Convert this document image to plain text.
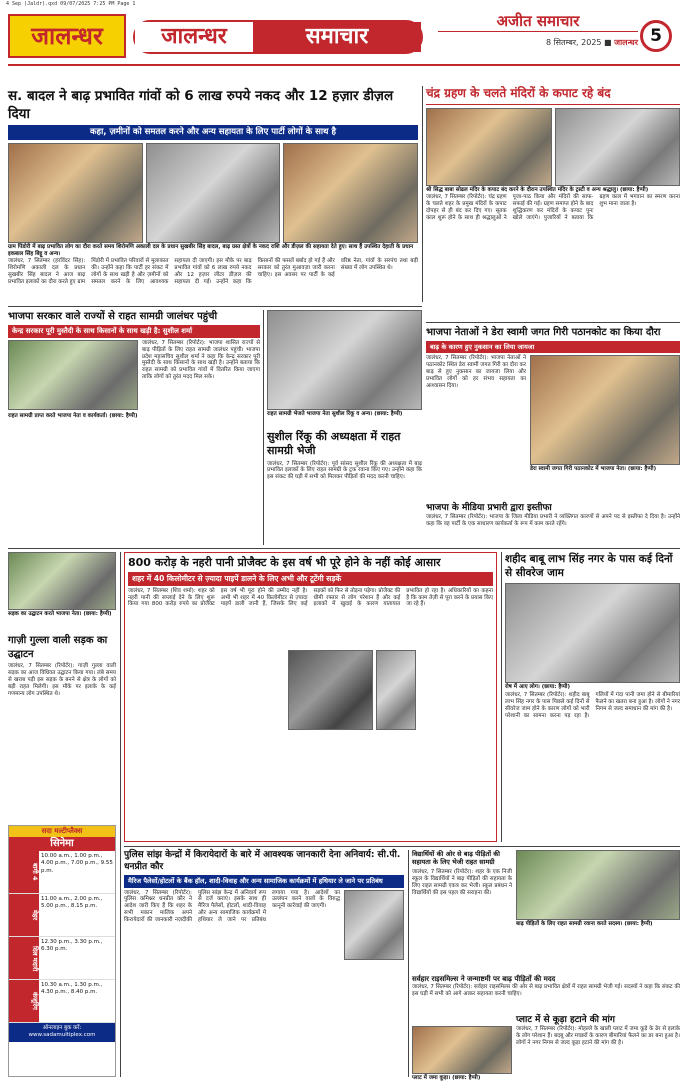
4 Sep (Jaldr).qxd 09/07/2025 7:25 PM Page 1
जालन्धर	जालन्धर	समाचार
अजीत समाचार
8 सितम्बर, 2025 ■ जालन्धर 5
स. बादल ने बाढ़ प्रभावित गांवों को 6 लाख रुपये नकद और 12 हज़ार डीज़ल दिया
कहा, ज़मीनों को समतल करने और अन्य सहायता के लिए पार्टी लोगों के साथ है
ग्राम पिंडोरी में बाढ़ प्रभावित लोग का दौरा करते समय शिरोमणि अकाली दल के प्रधान सुखबीर सिंह बादल, बाढ़ ग्रस्त क्षेत्रों के नकद राशि और डीज़ल की सहायता देते हुए। साथ हैं उपस्थित देहाती के प्रधान इकबाल सिंह बिट्टू व अन्य।
जालंधर, 7 सितम्बर (हरविंदर सिंह): शिरोमणि अकाली दल के प्रधान सुखबीर सिंह बादल ने आज बाढ़ प्रभावित इलाकों का दौरा करते हुए ग्राम पिंडोरी में प्रभावित परिवारों से मुलाकात की। उन्होंने कहा कि पार्टी हर संकट में लोगों के साथ खड़ी है और ज़मीनों को समतल करने के लिए आवश्यक सहायता दी जाएगी। इस मौके पर बाढ़ प्रभावित गांवों को 6 लाख रुपये नकद और 12 हज़ार लीटर डीज़ल की सहायता दी गई। उन्होंने कहा कि किसानों की फसलें बर्बाद हो गई हैं और सरकार को तुरंत मुआवज़ा जारी करना चाहिए। इस अवसर पर पार्टी के कई वरिष्ठ नेता, गांवों के सरपंच तथा बड़ी संख्या में लोग उपस्थित थे।
चंद्र ग्रहण के चलते मंदिरों के कपाट रहे बंद
श्री सिद्ध बाबा सोढल मंदिर के कपाट बंद करने के दौरान उपस्थित मंदिर के ट्रस्टी व अन्य श्रद्धालु। (छाया: हैप्पी)
जालंधर, 7 सितम्बर (रिपोर्टर): चंद्र ग्रहण के चलते शहर के प्रमुख मंदिरों के कपाट दोपहर से ही बंद कर दिए गए। सूतक काल शुरू होने के साथ ही श्रद्धालुओं ने पूजा-पाठ किया और मंदिरों की साफ-सफाई की गई। ग्रहण समाप्त होने के बाद शुद्धिकरण कर मंदिरों के कपाट पुनः खोले जाएंगे। पुजारियों ने बताया कि ग्रहण काल में भगवान का स्मरण करना शुभ माना जाता है।
भाजपा सरकार वाले राज्यों से राहत सामग्री जालंधर पहुंची
केन्द्र सरकार पूरी मुस्तैदी के साथ किसानों के साथ खड़ी है: सुशील शर्मा
जालंधर, 7 सितम्बर (रिपोर्टर): भाजपा शासित राज्यों से बाढ़ पीड़ितों के लिए राहत सामग्री जालंधर पहुंची। भाजपा प्रदेश महासचिव सुशील शर्मा ने कहा कि केन्द्र सरकार पूरी मुस्तैदी के साथ किसानों के साथ खड़ी है। उन्होंने बताया कि राहत सामग्री को प्रभावित गांवों में वितरित किया जाएगा ताकि लोगों को तुरंत मदद मिल सके।
राहत सामग्री प्राप्त करते भाजपा नेता व कार्यकर्ता। (छाया: हैप्पी)	राहत सामग्री भेजते भाजपा नेता सुशील रिंकू व अन्य। (छाया: हैप्पी)
सुशील रिंकू की अध्यक्षता में राहत सामग्री भेजी
जालंधर, 7 सितम्बर (रिपोर्टर): पूर्व सांसद सुशील रिंकू की अध्यक्षता में बाढ़ प्रभावित इलाकों के लिए राहत सामग्री के ट्रक रवाना किए गए। उन्होंने कहा कि इस संकट की घड़ी में सभी को मिलकर पीड़ितों की मदद करनी चाहिए।
भाजपा नेताओं ने डेरा स्वामी जगत गिरी पठानकोट का किया दौरा
बाढ़ के कारण हुए नुकसान का लिया जायजा
जालंधर, 7 सितम्बर (रिपोर्टर): भाजपा नेताओं ने पठानकोट स्थित डेरा स्वामी जगत गिरी का दौरा कर बाढ़ से हुए नुकसान का जायजा लिया और प्रभावित लोगों को हर संभव सहायता का आश्वासन दिया।
डेरा स्वामी जगत गिरी पठानकोट में भाजपा नेता। (छाया: हैप्पी)
भाजपा के मीडिया प्रभारी द्वारा इस्तीफा
जालंधर, 7 सितम्बर (रिपोर्टर): भाजपा के जिला मीडिया प्रभारी ने व्यक्तिगत कारणों से अपने पद से इस्तीफा दे दिया है। उन्होंने कहा कि वह पार्टी के एक साधारण कार्यकर्ता के रूप में काम करते रहेंगे।
सड़क का उद्घाटन करते भाजपा नेता। (छाया: हैप्पी)
गाज़ी गुल्ला वाली सड़क का उद्घाटन
जालंधर, 7 सितम्बर (रिपोर्टर): गाज़ी गुल्ला वाली सड़क का आज विधिवत उद्घाटन किया गया। लंबे समय से खराब पड़ी इस सड़क के बनने से क्षेत्र के लोगों को बड़ी राहत मिलेगी। इस मौके पर इलाके के कई गणमान्य लोग उपस्थित थे।
सदा मल्टीप्लैक्स
सिनेमा
बागी 4
10.00 a.m., 1.00 p.m., 4.00 p.m., 7.00 p.m., 9.55 p.m.
मेहर
11.00 a.m., 2.00 p.m., 5.00 p.m., 8.15 p.m.
दिल मदारी
12.30 p.m., 3.30 p.m., 6.30 p.m.
कंजूरिंग
10.30 a.m., 1.30 p.m., 4.30 p.m., 8.40 p.m.
ऑनलाइन बुक करें: www.sadamultiplex.com
800 करोड़ के नहरी पानी प्रोजैक्ट के इस वर्ष भी पूरे होने के नहीं कोई आसार
शहर में 40 किलोमीटर से ज़्यादा पाइपें डालने के लिए अभी और टूटेंगी सड़कें
जालंधर, 7 सितम्बर (शिव शर्मा): शहर को नहरी पानी की सप्लाई देने के लिए शुरू किया गया 800 करोड़ रुपये का प्रोजैक्ट इस वर्ष भी पूरा होने की उम्मीद नहीं है। अभी भी शहर में 40 किलोमीटर से ज़्यादा पाइपें डाली जानी हैं, जिसके लिए कई सड़कों को फिर से तोड़ना पड़ेगा। प्रोजैक्ट की धीमी रफ्तार से लोग परेशान हैं और कई इलाकों में खुदाई के कारण यातायात प्रभावित हो रहा है। अधिकारियों का कहना है कि काम तेज़ी से पूरा करने के प्रयास किए जा रहे हैं।
शहीद बाबू लाभ सिंह नगर के पास कई दिनों से सीवरेज जाम
रोष में आए लोग। (छाया: हैप्पी)
जालंधर, 7 सितम्बर (रिपोर्टर): शहीद बाबू लाभ सिंह नगर के पास पिछले कई दिनों से सीवरेज जाम होने के कारण लोगों को भारी परेशानी का सामना करना पड़ रहा है। गलियों में गंदा पानी जमा होने से बीमारियां फैलने का खतरा बना हुआ है। लोगों ने नगर निगम से जल्द समाधान की मांग की है।
पुलिस सांझ केन्द्रों में किरायेदारों के बारे में आवश्यक जानकारी देना अनिवार्य: सी.पी. धनप्रीत कौर
मैरिज पैलेसों/होटलों के बैंक हॉल, शादी-विवाह और अन्य सामाजिक कार्यक्रमों में हथियार ले जाने पर प्रतिबंध
जालंधर, 7 सितम्बर (रिपोर्टर): पुलिस कमिश्नर धनप्रीत कौर ने आदेश जारी किए हैं कि शहर के सभी मकान मालिक अपने किरायेदारों की जानकारी नज़दीकी पुलिस सांझ केन्द्र में अनिवार्य रूप से दर्ज कराएं। इसके साथ ही मैरिज पैलेसों, होटलों, शादी-विवाह और अन्य सामाजिक कार्यक्रमों में हथियार ले जाने पर प्रतिबंध लगाया गया है। आदेशों का उल्लंघन करने वालों के विरुद्ध कानूनी कार्रवाई की जाएगी।
विद्यार्थियों की ओर से बाढ़ पीड़ितों की सहायता के लिए भेजी राहत सामग्री
जालंधर, 7 सितम्बर (रिपोर्टर): शहर के एक निजी स्कूल के विद्यार्थियों ने बाढ़ पीड़ितों की सहायता के लिए राहत सामग्री एकत्र कर भेजी। स्कूल प्रबंधन ने विद्यार्थियों की इस पहल की सराहना की।
बाढ़ पीड़ितों के लिए राहत सामग्री रवाना करते सदस्य। (छाया: हैप्पी)
सर्वहार राइसमिल्स ने जन्माष्टमी पर बाढ़ पीड़ितों की मदद
जालंधर, 7 सितम्बर (रिपोर्टर): सर्वहार राइसमिल्स की ओर से बाढ़ प्रभावित क्षेत्रों में राहत सामग्री भेजी गई। सदस्यों ने कहा कि संकट की इस घड़ी में सभी को आगे आकर सहायता करनी चाहिए।
प्लाट में से कूड़ा हटाने की मांग
जालंधर, 7 सितम्बर (रिपोर्टर): मोहल्ले के खाली प्लाट में जमा कूड़े के ढेर से इलाके के लोग परेशान हैं। बदबू और मच्छरों के कारण बीमारियां फैलने का डर बना हुआ है। लोगों ने नगर निगम से जल्द कूड़ा हटाने की मांग की है।
प्लाट में जमा कूड़ा। (छाया: हैप्पी)
